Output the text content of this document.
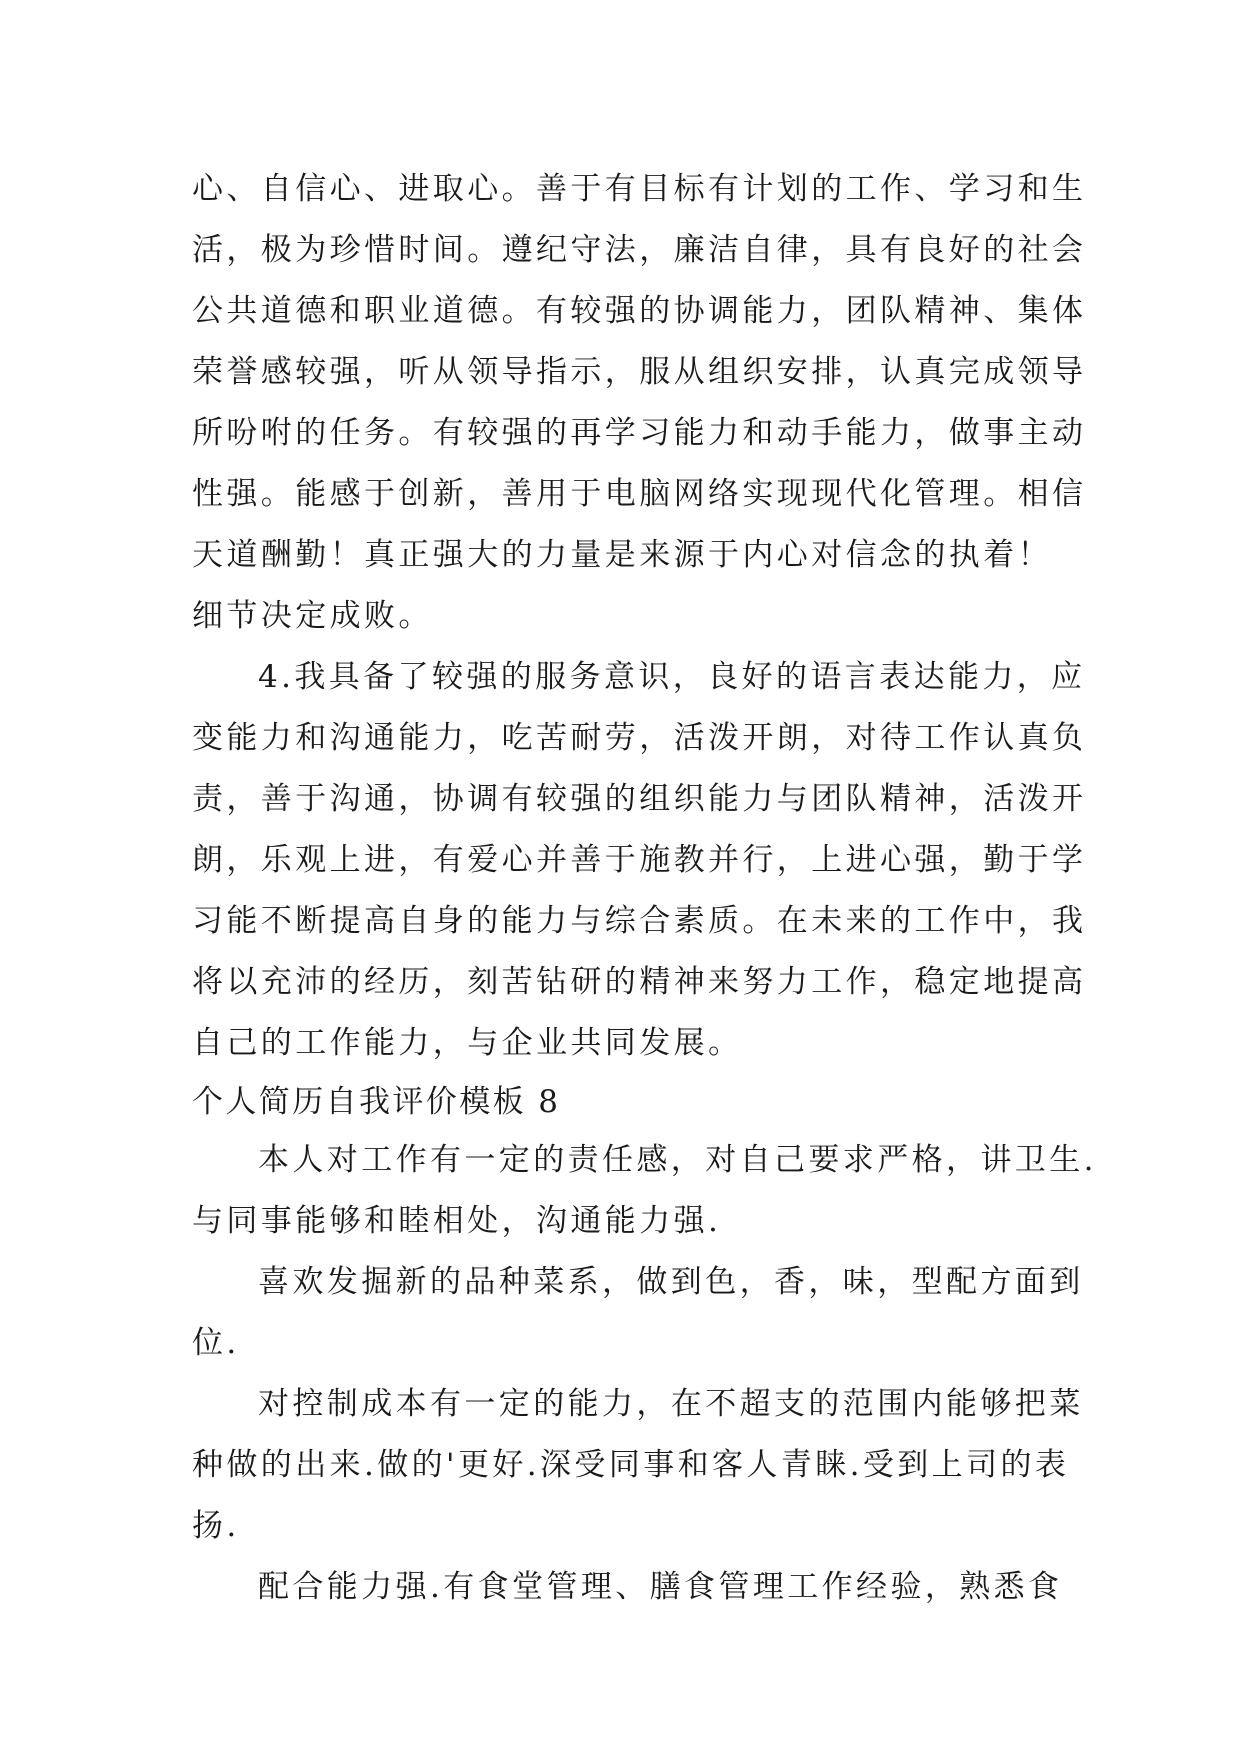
心、自信心、进取心。善于有目标有计划的工作、学习和生
活，极为珍惜时间。遵纪守法，廉洁自律，具有良好的社会
公共道德和职业道德。有较强的协调能力，团队精神、集体
荣誉感较强，听从领导指示，服从组织安排，认真完成领导
所吩咐的任务。有较强的再学习能力和动手能力，做事主动
性强。能感于创新，善用于电脑网络实现现代化管理。相信
天道酬勤！真正强大的力量是来源于内心对信念的执着！
细节决定成败。
4.我具备了较强的服务意识，良好的语言表达能力，应
变能力和沟通能力，吃苦耐劳，活泼开朗，对待工作认真负
责，善于沟通，协调有较强的组织能力与团队精神，活泼开
朗，乐观上进，有爱心并善于施教并行，上进心强，勤于学
习能不断提高自身的能力与综合素质。在未来的工作中，我
将以充沛的经历，刻苦钻研的精神来努力工作，稳定地提高
自己的工作能力，与企业共同发展。
个人简历自我评价模板 8
本人对工作有一定的责任感，对自己要求严格，讲卫生.
与同事能够和睦相处，沟通能力强.
喜欢发掘新的品种菜系，做到色，香，味，型配方面到
位.
对控制成本有一定的能力，在不超支的范围内能够把菜
种做的出来.做的'更好.深受同事和客人青睐.受到上司的表
扬.
配合能力强.有食堂管理、膳食管理工作经验，熟悉食
